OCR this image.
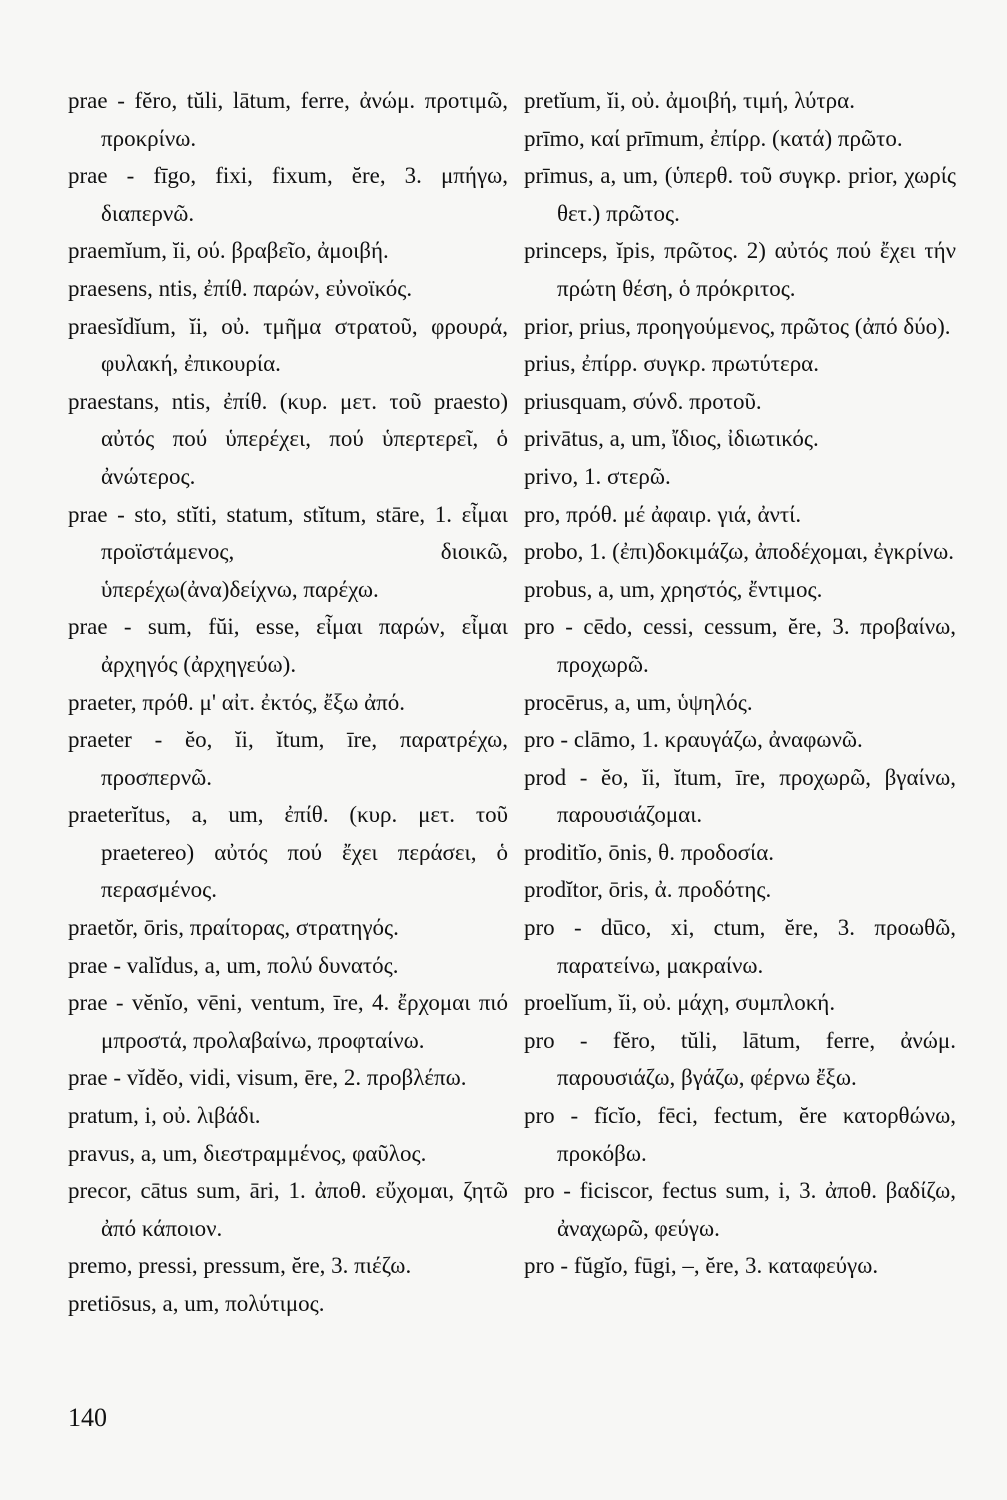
prae - fĕro, tŭli, lātum, ferre, ἀνώμ. προτιμῶ, προκρίνω.

prae - fīgo, fixi, fixum, ĕre, 3. μπήγω, διαπερνῶ.

praemĭum, ĭi, ού. βραβεῖο, ἀμοιβή.

praesens, ntis, ἐπίθ. παρών, εὐνοϊκός.

praesĭdĭum, ĭi, οὐ. τμῆμα στρατοῦ, φρουρά, φυλακή, ἐπικουρία.

praestans, ntis, ἐπίθ. (κυρ. μετ. τοῦ praesto) αὐτός πού ὑπερέχει, πού ὑπερτερεῖ, ὁ ἀνώτερος.

prae - sto, stĭti, statum, stĭtum, stāre, 1. εἶμαι προϊστάμενος, διοικῶ, ὑπερέχω(ἀνα)δείχνω, παρέχω.

prae - sum, fŭi, esse, εἶμαι παρών, εἶμαι ἀρχηγός (ἀρχηγεύω).

praeter, πρόθ. μ' αἰτ. ἐκτός, ἔξω ἀπό.

praeter - ĕo, ĭi, ĭtum, īre, παρατρέχω, προσπερνῶ.

praeterĭtus, a, um, ἐπίθ. (κυρ. μετ. τοῦ praetereo) αὐτός πού ἔχει περάσει, ὁ περασμένος.

praetŏr, ōris, πραίτορας, στρατηγός.

prae - valĭdus, a, um, πολύ δυνατός.

prae - vĕnĭo, vēni, ventum, īre, 4. ἔρχομαι πιό μπροστά, προλαβαίνω, προφταίνω.

prae - vĭdĕo, vidi, visum, ēre, 2. προβλέπω.

pratum, i, οὐ. λιβάδι.

pravus, a, um, διεστραμμένος, φαῦλος.

precor, cātus sum, āri, 1. ἀποθ. εὔχομαι, ζητῶ ἀπό κάποιον.

premo, pressi, pressum, ĕre, 3. πιέζω.

pretiōsus, a, um, πολύτιμος.

pretĭum, ĭi, οὐ. ἀμοιβή, τιμή, λύτρα.

prīmo, καί prīmum, ἐπίρρ. (κατά) πρῶτο.

prīmus, a, um, (ὑπερθ. τοῦ συγκρ. prior, χωρίς θετ.) πρῶτος.

princeps, ĭpis, πρῶτος. 2) αὐτός πού ἔχει τήν πρώτη θέση, ὁ πρόκριτος.

prior, prius, προηγούμενος, πρῶτος (ἀπό δύο).

prius, ἐπίρρ. συγκρ. πρωτύτερα.

priusquam, σύνδ. προτοῦ.

privātus, a, um, ἴδιος, ἰδιωτικός.

privo, 1. στερῶ.

pro, πρόθ. μέ ἀφαιρ. γιά, ἀντί.

probo, 1. (ἐπι)δοκιμάζω, ἀποδέχομαι, ἐγκρίνω.

probus, a, um, χρηστός, ἔντιμος.

pro - cēdo, cessi, cessum, ĕre, 3. προβαίνω, προχωρῶ.

procērus, a, um, ὑψηλός.

pro - clāmo, 1. κραυγάζω, ἀναφωνῶ.

prod - ĕo, ĭi, ĭtum, īre, προχωρῶ, βγαίνω, παρουσιάζομαι.

proditĭo, ōnis, θ. προδοσία.

prodĭtor, ōris, ἀ. προδότης.

pro - dūco, xi, ctum, ĕre, 3. προωθῶ, παρατείνω, μακραίνω.

proelĭum, ĭi, οὐ. μάχη, συμπλοκή.

pro - fĕro, tŭli, lātum, ferre, ἀνώμ. παρουσιάζω, βγάζω, φέρνω ἔξω.

pro - fĭcĭo, fēci, fectum, ĕre κατορθώνω, προκόβω.

pro - ficiscor, fectus sum, i, 3. ἀποθ. βαδίζω, ἀναχωρῶ, φεύγω.

pro - fŭgĭo, fūgi, –, ĕre, 3. καταφεύγω.

140
